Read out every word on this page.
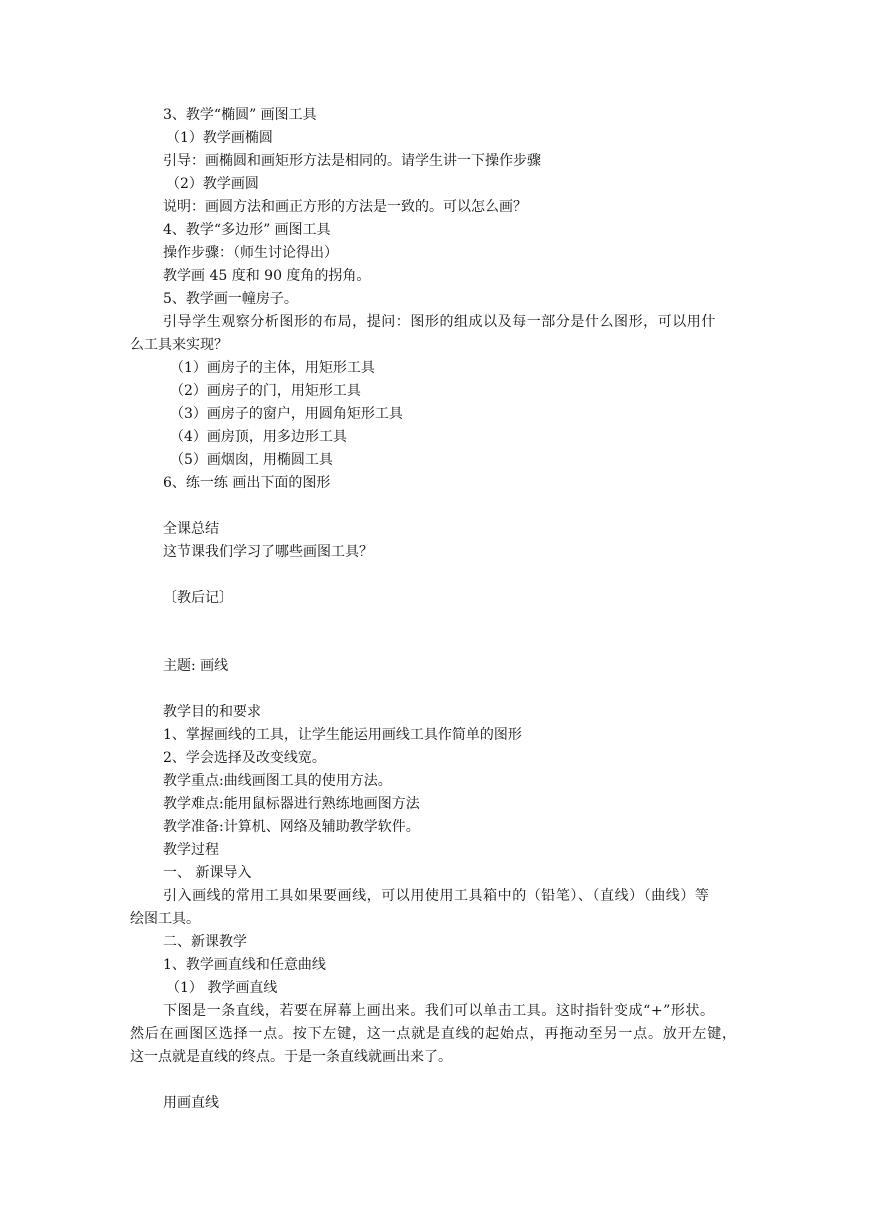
3、教学“椭圆” 画图工具
（1）教学画椭圆
引导：画椭圆和画矩形方法是相同的。请学生讲一下操作步骤
（2）教学画圆
说明：画圆方法和画正方形的方法是一致的。可以怎么画？
4、教学“多边形” 画图工具
操作步骤：（师生讨论得出）
教学画 45 度和 90 度角的拐角。
5、教学画一幢房子。
引导学生观察分析图形的布局，提问：图形的组成以及每一部分是什么图形，可以用什
么工具来实现？
（1）画房子的主体，用矩形工具
（2）画房子的门，用矩形工具
（3）画房子的窗户，用圆角矩形工具
（4）画房顶，用多边形工具
（5）画烟囱，用椭圆工具
6、练一练 画出下面的图形
全课总结
这节课我们学习了哪些画图工具？
〔教后记〕
主题: 画线
教学目的和要求
1、掌握画线的工具，让学生能运用画线工具作简单的图形
2、学会选择及改变线宽。
教学重点:曲线画图工具的使用方法。
教学难点:能用鼠标器进行熟练地画图方法
教学准备:计算机、网络及辅助教学软件。
教学过程
一、 新课导入
引入画线的常用工具如果要画线，可以用使用工具箱中的（铅笔）、（直线）（曲线）等
绘图工具。
二、新课教学
1、教学画直线和任意曲线
（1） 教学画直线
下图是一条直线，若要在屏幕上画出来。我们可以单击工具。这时指针变成“+”形状。
然后在画图区选择一点。按下左键，这一点就是直线的起始点，再拖动至另一点。放开左键，
这一点就是直线的终点。于是一条直线就画出来了。
用画直线
